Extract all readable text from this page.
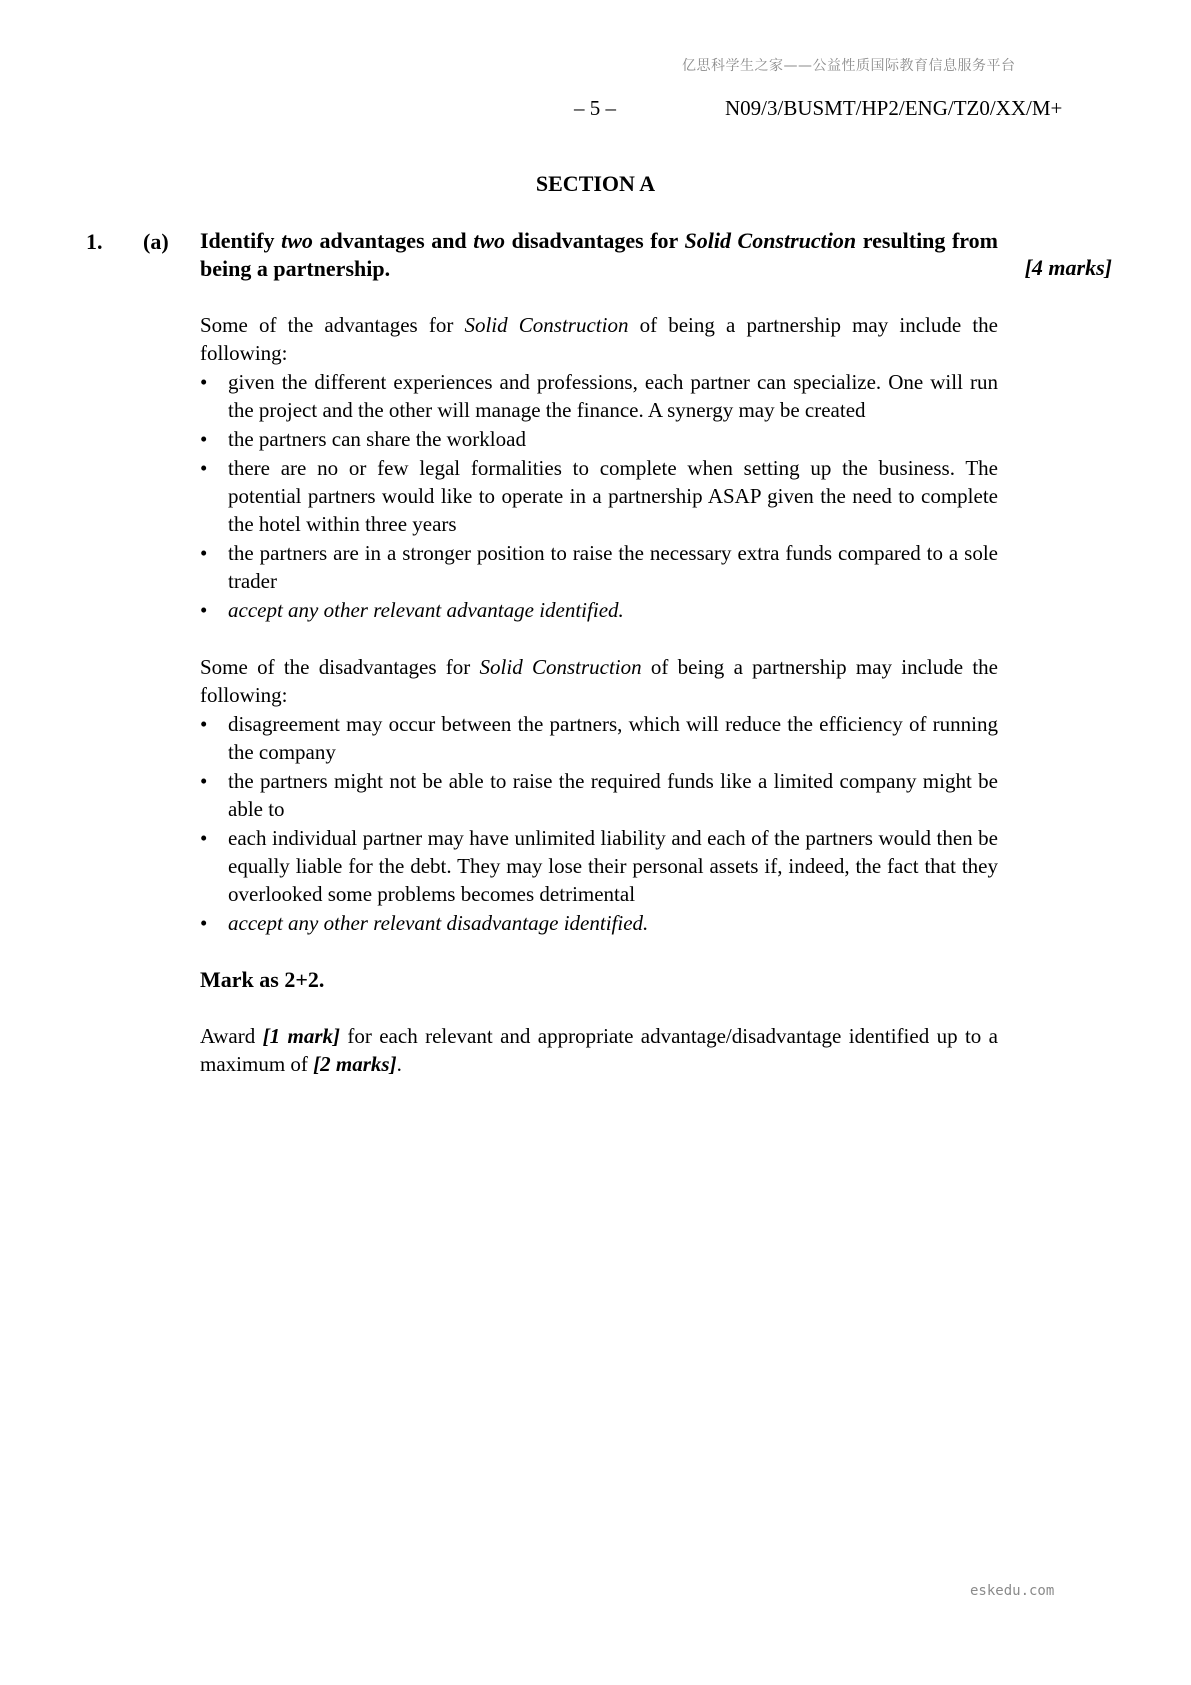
亿思科学生之家——公益性质国际教育信息服务平台
– 5 –	N09/3/BUSMT/HP2/ENG/TZ0/XX/M+
SECTION A
1. (a) Identify two advantages and two disadvantages for Solid Construction resulting from being a partnership.	[4 marks]

Some of the advantages for Solid Construction of being a partnership may include the following:

• given the different experiences and professions, each partner can specialize. One will run the project and the other will manage the finance. A synergy may be created
• the partners can share the workload
• there are no or few legal formalities to complete when setting up the business. The potential partners would like to operate in a partnership ASAP given the need to complete the hotel within three years
• the partners are in a stronger position to raise the necessary extra funds compared to a sole trader
• accept any other relevant advantage identified.

Some of the disadvantages for Solid Construction of being a partnership may include the following:

• disagreement may occur between the partners, which will reduce the efficiency of running the company
• the partners might not be able to raise the required funds like a limited company might be able to
• each individual partner may have unlimited liability and each of the partners would then be equally liable for the debt. They may lose their personal assets if, indeed, the fact that they overlooked some problems becomes detrimental
• accept any other relevant disadvantage identified.

Mark as 2+2.

Award [1 mark] for each relevant and appropriate advantage/disadvantage identified up to a maximum of [2 marks].

eskedu.com
